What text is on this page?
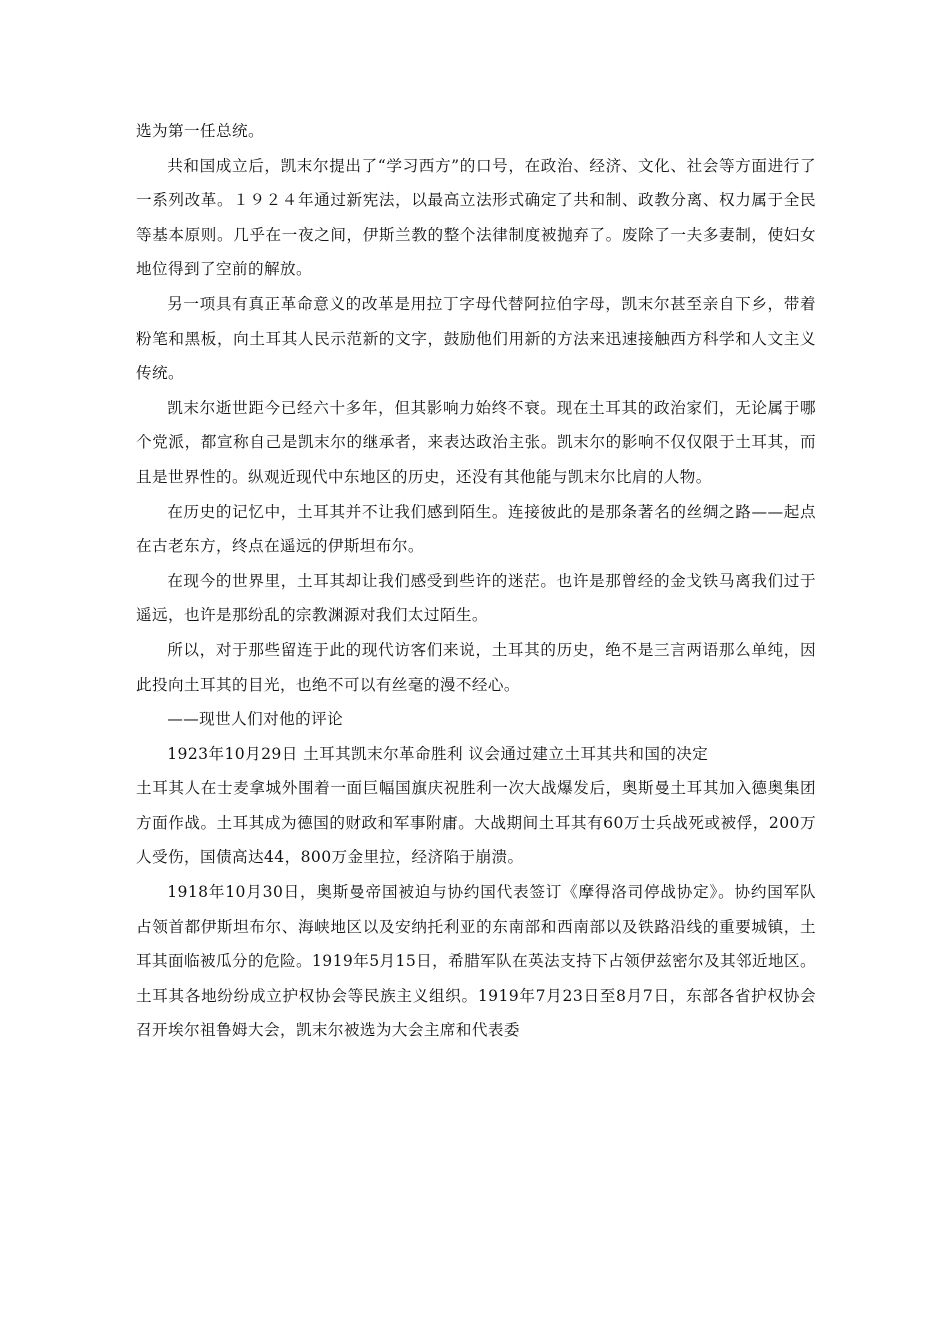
选为第一任总统。

共和国成立后，凯末尔提出了“学习西方”的口号，在政治、经济、文化、社会等方面进行了一系列改革。１９２４年通过新宪法，以最高立法形式确定了共和制、政教分离、权力属于全民等基本原则。几乎在一夜之间，伊斯兰教的整个法律制度被抛弃了。废除了一夫多妻制，使妇女地位得到了空前的解放。

另一项具有真正革命意义的改革是用拉丁字母代替阿拉伯字母，凯末尔甚至亲自下乡，带着粉笔和黑板，向土耳其人民示范新的文字，鼓励他们用新的方法来迅速接触西方科学和人文主义传统。

凯末尔逝世距今已经六十多年，但其影响力始终不衰。现在土耳其的政治家们，无论属于哪个党派，都宣称自己是凯末尔的继承者，来表达政治主张。凯末尔的影响不仅仅限于土耳其，而且是世界性的。纵观近现代中东地区的历史，还没有其他能与凯末尔比肩的人物。

在历史的记忆中，土耳其并不让我们感到陌生。连接彼此的是那条著名的丝绸之路——起点在古老东方，终点在遥远的伊斯坦布尔。

在现今的世界里，土耳其却让我们感受到些许的迷茫。也许是那曾经的金戈铁马离我们过于遥远，也许是那纷乱的宗教渊源对我们太过陌生。

所以，对于那些留连于此的现代访客们来说，土耳其的历史，绝不是三言两语那么单纯，因此投向土耳其的目光，也绝不可以有丝毫的漫不经心。

——现世人们对他的评论

1923年10月29日 土耳其凯末尔革命胜利 议会通过建立土耳其共和国的决定

土耳其人在士麦拿城外围着一面巨幅国旗庆祝胜利一次大战爆发后，奥斯曼土耳其加入德奥集团方面作战。土耳其成为德国的财政和军事附庸。大战期间土耳其有60万士兵战死或被俘，200万人受伤，国债高达44，800万金里拉，经济陷于崩溃。

1918年10月30日，奥斯曼帝国被迫与协约国代表签订《摩得洛司停战协定》。协约国军队占领首都伊斯坦布尔、海峡地区以及安纳托利亚的东南部和西南部以及铁路沿线的重要城镇，土耳其面临被瓜分的危险。1919年5月15日，希腊军队在英法支持下占领伊兹密尔及其邻近地区。土耳其各地纷纷成立护权协会等民族主义组织。1919年7月23日至8月7日，东部各省护权协会召开埃尔祖鲁姆大会，凯末尔被选为大会主席和代表委
